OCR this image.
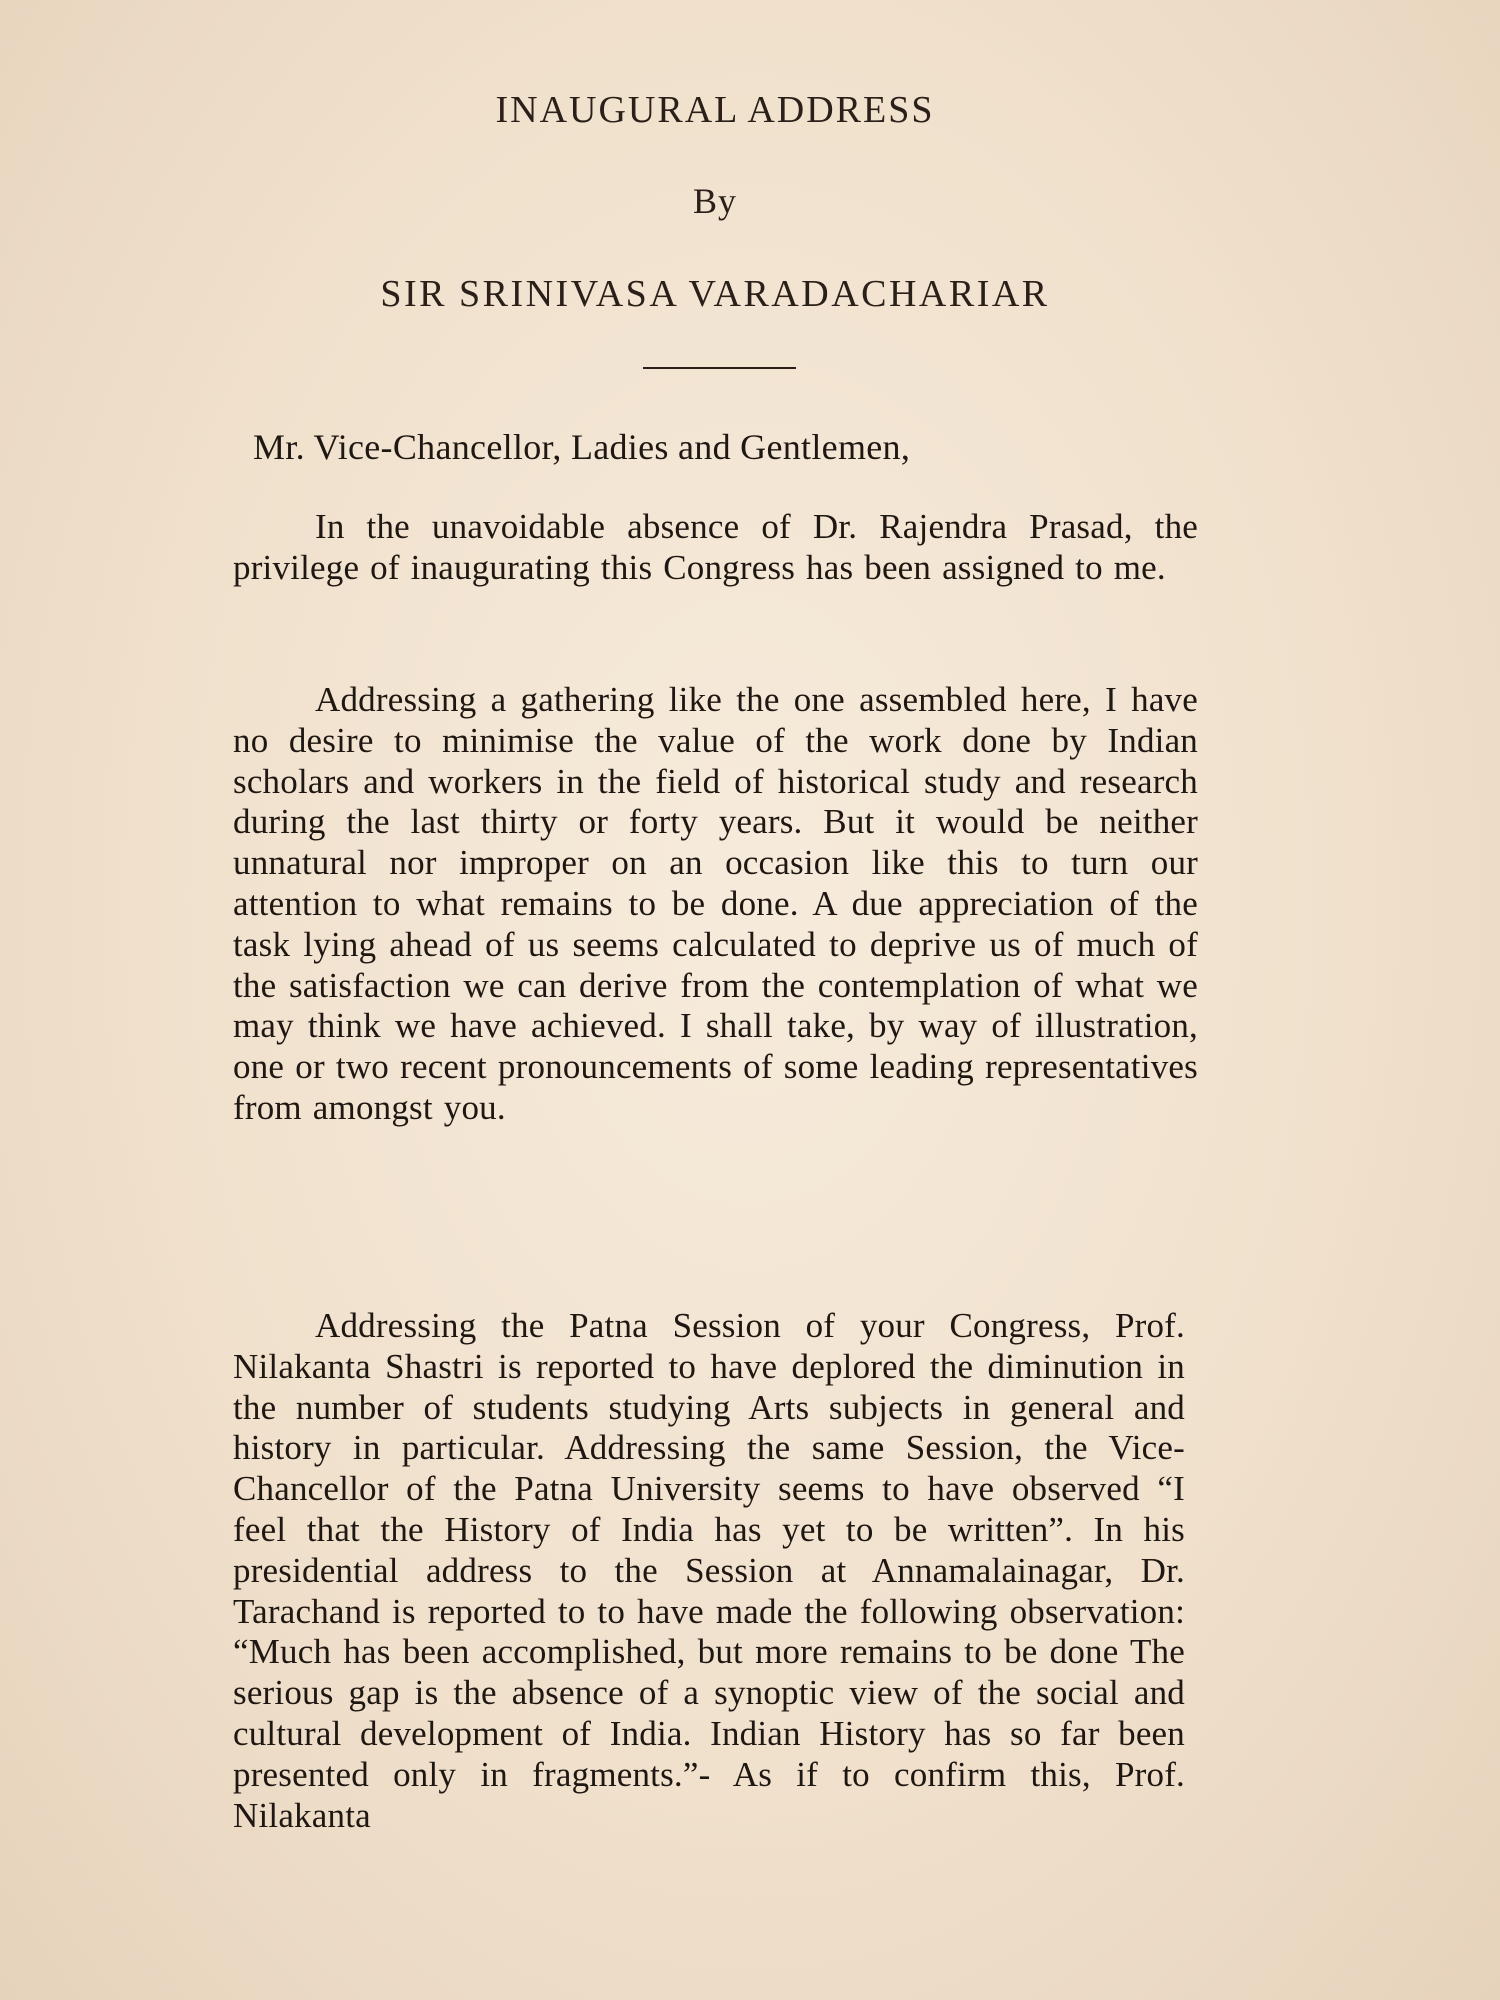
INAUGURAL ADDRESS
By
SIR SRINIVASA VARADACHARIAR
Mr. Vice-Chancellor, Ladies and Gentlemen,
In the unavoidable absence of Dr. Rajendra Prasad, the privilege of inaugurating this Congress has been assigned to me.
Addressing a gathering like the one assembled here, I have no desire to minimise the value of the work done by Indian scholars and workers in the field of historical study and research during the last thirty or forty years. But it would be neither unnatural nor improper on an occasion like this to turn our attention to what remains to be done. A due appreciation of the task lying ahead of us seems calculated to deprive us of much of the satisfaction we can derive from the contemplation of what we may think we have achieved. I shall take, by way of illustration, one or two recent pronouncements of some leading representatives from amongst you.
Addressing the Patna Session of your Congress, Prof. Nilakanta Shastri is reported to have deplored the diminution in the number of students studying Arts subjects in general and history in particular. Addressing the same Session, the Vice-Chancellor of the Patna University seems to have observed “I feel that the History of India has yet to be written”. In his presidential address to the Session at Annamalainagar, Dr. Tarachand is reported to to have made the following observation: “Much has been accomplished, but more remains to be done The serious gap is the absence of a synoptic view of the social and cultural development of India. Indian History has so far been presented only in fragments.”- As if to confirm this, Prof. Nilakanta
